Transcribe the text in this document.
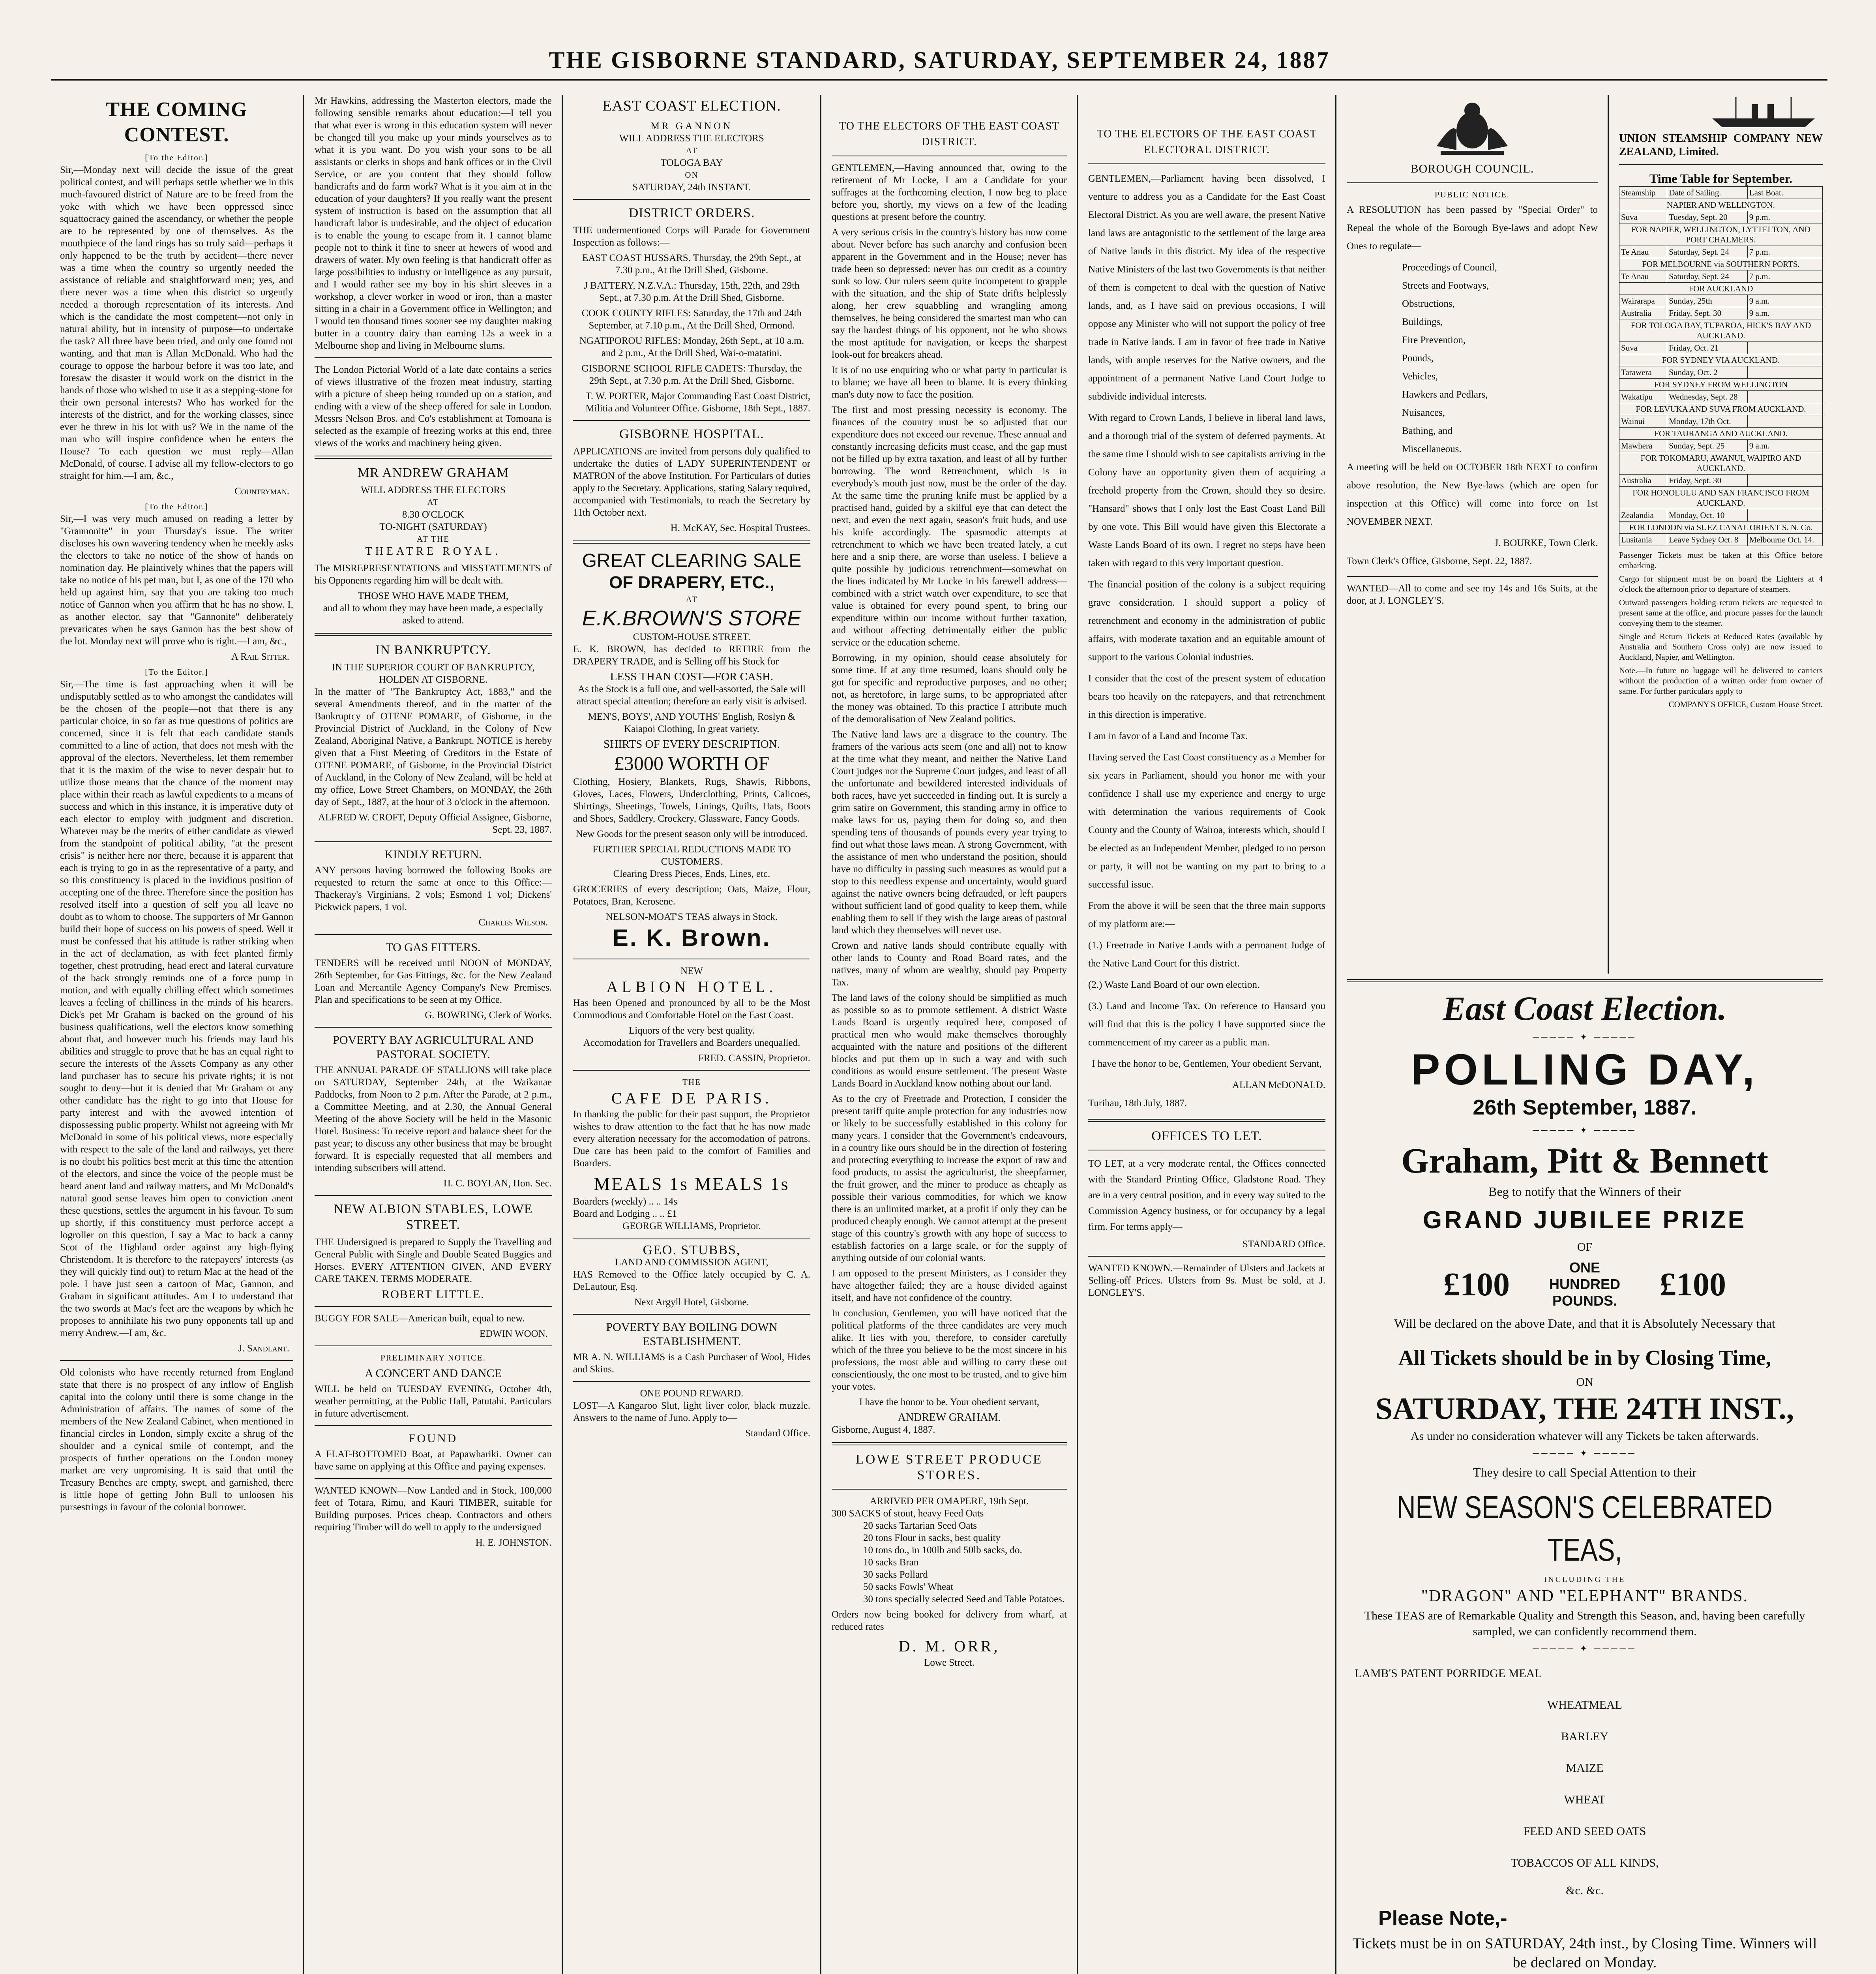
THE GISBORNE STANDARD, SATURDAY, SEPTEMBER 24, 1887
THE COMING CONTEST.
[To the Editor.]

Sir,—Monday next will decide the issue of the great political contest, and will perhaps settle whether we in this much-favoured district of Nature are to be freed from the yoke with which we have been oppressed since squattocracy gained the ascendancy, or whether the people are to be represented by one of themselves. As the mouthpiece of the land rings has so truly said—perhaps it only happened to be the truth by accident—there never was a time when the country so urgently needed the assistance of reliable and straightforward men; yes, and there never was a time when this district so urgently needed a thorough representation of its interests. And which is the candidate the most competent—not only in natural ability, but in intensity of purpose—to undertake the task? All three have been tried, and only one found not wanting, and that man is Allan McDonald. Who had the courage to oppose the harbour before it was too late, and foresaw the disaster it would work on the district in the hands of those who wished to use it as a stepping-stone for their own personal interests? Who has worked for the interests of the district, and for the working classes, since ever he threw in his lot with us? We in the name of the man who will inspire confidence when he enters the House? To each question we must reply—Allan McDonald, of course. I advise all my fellow-electors to go straight for him.—I am, &c.,

Countryman.

[To the Editor.]

Sir,—I was very much amused on reading a letter by "Grannonite" in your Thursday's issue. The writer discloses his own wavering tendency when he meekly asks the electors to take no notice of the show of hands on nomination day. He plaintively whines that the papers will take no notice of his pet man, but I, as one of the 170 who held up against him, say that you are taking too much notice of Gannon when you affirm that he has no show. I, as another elector, say that "Gannonite" deliberately prevaricates when he says Gannon has the best show of the lot. Monday next will prove who is right.—I am, &c.,

A Rail Sitter.

[To the Editor.]

Sir,—The time is fast approaching when it will be undisputably settled as to who amongst the candidates will be the chosen of the people—not that there is any particular choice, in so far as true questions of politics are concerned, since it is felt that each candidate stands committed to a line of action, that does not mesh with the approval of the electors. Nevertheless, let them remember that it is the maxim of the wise to never despair but to utilize those means that the chance of the moment may place within their reach as lawful expedients to a means of success and which in this instance, it is imperative duty of each elector to employ with judgment and discretion. Whatever may be the merits of either candidate as viewed from the standpoint of political ability, "at the present crisis" is neither here nor there, because it is apparent that each is trying to go in as the representative of a party, and so this constituency is placed in the invidious position of accepting one of the three. Therefore since the position has resolved itself into a question of self you all leave no doubt as to whom to choose. The supporters of Mr Gannon build their hope of success on his powers of speed. Well it must be confessed that his attitude is rather striking when in the act of declamation, as with feet planted firmly together, chest protruding, head erect and lateral curvature of the back strongly reminds one of a force pump in motion, and with equally chilling effect which sometimes leaves a feeling of chilliness in the minds of his hearers. Dick's pet Mr Graham is backed on the ground of his business qualifications, well the electors know something about that, and however much his friends may laud his abilities and struggle to prove that he has an equal right to secure the interests of the Assets Company as any other land purchaser has to secure his private rights; it is not sought to deny—but it is denied that Mr Graham or any other candidate has the right to go into that House for party interest and with the avowed intention of dispossessing public property. Whilst not agreeing with Mr McDonald in some of his political views, more especially with respect to the sale of the land and railways, yet there is no doubt his politics best merit at this time the attention of the electors, and since the voice of the people must be heard anent land and railway matters, and Mr McDonald's natural good sense leaves him open to conviction anent these questions, settles the argument in his favour. To sum up shortly, if this constituency must perforce accept a logroller on this question, I say a Mac to back a canny Scot of the Highland order against any high-flying Christendom. It is therefore to the ratepayers' interests (as they will quickly find out) to return Mac at the head of the pole. I have just seen a cartoon of Mac, Gannon, and Graham in significant attitudes. Am I to understand that the two swords at Mac's feet are the weapons by which he proposes to annihilate his two puny opponents tall up and merry Andrew.—I am, &c.

J. Sandlant.

Old colonists who have recently returned from England state that there is no prospect of any inflow of English capital into the colony until there is some change in the Administration of affairs. The names of some of the members of the New Zealand Cabinet, when mentioned in financial circles in London, simply excite a shrug of the shoulder and a cynical smile of contempt, and the prospects of further operations on the London money market are very unpromising. It is said that until the Treasury Benches are empty, swept, and garnished, there is little hope of getting John Bull to unloosen his pursestrings in favour of the colonial borrower.

Mr Hawkins, addressing the Masterton electors, made the following sensible remarks about education:—I tell you that what ever is wrong in this education system will never be changed till you make up your minds yourselves as to what it is you want. Do you wish your sons to be all assistants or clerks in shops and bank offices or in the Civil Service, or are you content that they should follow handicrafts and do farm work? What is it you aim at in the education of your daughters? If you really want the present system of instruction is based on the assumption that all handicraft labor is undesirable, and the object of education is to enable the young to escape from it. I cannot blame people not to think it fine to sneer at hewers of wood and drawers of water. My own feeling is that handicraft offer as large possibilities to industry or intelligence as any pursuit, and I would rather see my boy in his shirt sleeves in a workshop, a clever worker in wood or iron, than a master sitting in a chair in a Government office in Wellington; and I would ten thousand times sooner see my daughter making butter in a country dairy than earning 12s a week in a Melbourne shop and living in Melbourne slums.

The London Pictorial World of a late date contains a series of views illustrative of the frozen meat industry, starting with a picture of sheep being rounded up on a station, and ending with a view of the sheep offered for sale in London. Messrs Nelson Bros. and Co's establishment at Tomoana is selected as the example of freezing works at this end, three views of the works and machinery being given.

MR ANDREW GRAHAM
WILL ADDRESS THE ELECTORS
AT
8.30 O'CLOCK
TO-NIGHT (SATURDAY)
AT THE
THEATRE ROYAL.

The MISREPRESENTATIONS and MISSTATEMENTS of his Opponents regarding him will be dealt with.

THOSE WHO HAVE MADE THEM,

and all to whom they may have been made, a especially asked to attend.

IN BANKRUPTCY.
IN THE SUPERIOR COURT OF BANKRUPTCY, HOLDEN AT GISBORNE.

In the matter of "The Bankruptcy Act, 1883," and the several Amendments thereof, and in the matter of the Bankruptcy of OTENE POMARE, of Gisborne, in the Provincial District of Auckland, in the Colony of New Zealand, Aboriginal Native, a Bankrupt. NOTICE is hereby given that a First Meeting of Creditors in the Estate of OTENE POMARE, of Gisborne, in the Provincial District of Auckland, in the Colony of New Zealand, will be held at my office, Lowe Street Chambers, on MONDAY, the 26th day of Sept., 1887, at the hour of 3 o'clock in the afternoon.

ALFRED W. CROFT, Deputy Official Assignee, Gisborne, Sept. 23, 1887.

KINDLY RETURN.

ANY persons having borrowed the following Books are requested to return the same at once to this Office:— Thackeray's Virginians, 2 vols; Esmond 1 vol; Dickens' Pickwick papers, 1 vol.

Charles Wilson.

TO GAS FITTERS.

TENDERS will be received until NOON of MONDAY, 26th September, for Gas Fittings, &c. for the New Zealand Loan and Mercantile Agency Company's New Premises. Plan and specifications to be seen at my Office.

G. BOWRING, Clerk of Works.

POVERTY BAY AGRICULTURAL AND PASTORAL SOCIETY.

THE ANNUAL PARADE OF STALLIONS will take place on SATURDAY, September 24th, at the Waikanae Paddocks, from Noon to 2 p.m. After the Parade, at 2 p.m., a Committee Meeting, and at 2.30, the Annual General Meeting of the above Society will be held in the Masonic Hotel. Business: To receive report and balance sheet for the past year; to discuss any other business that may be brought forward. It is especially requested that all members and intending subscribers will attend.

H. C. BOYLAN, Hon. Sec.

NEW ALBION STABLES, LOWE STREET.

THE Undersigned is prepared to Supply the Travelling and General Public with Single and Double Seated Buggies and Horses. EVERY ATTENTION GIVEN, AND EVERY CARE TAKEN. TERMS MODERATE.

ROBERT LITTLE.

BUGGY FOR SALE—American built, equal to new.

EDWIN WOON.

PRELIMINARY NOTICE.
A CONCERT AND DANCE

WILL be held on TUESDAY EVENING, October 4th, weather permitting, at the Public Hall, Patutahi. Particulars in future advertisement.

FOUND

A FLAT-BOTTOMED Boat, at Papawhariki. Owner can have same on applying at this Office and paying expenses.

WANTED KNOWN—Now Landed and in Stock, 100,000 feet of Totara, Rimu, and Kauri TIMBER, suitable for Building purposes. Prices cheap. Contractors and others requiring Timber will do well to apply to the undersigned

H. E. JOHNSTON.

EAST COAST ELECTION.
MR GANNON
WILL ADDRESS THE ELECTORS
AT
TOLOGA BAY
ON
SATURDAY, 24th INSTANT.
DISTRICT ORDERS.

THE undermentioned Corps will Parade for Government Inspection as follows:—

EAST COAST HUSSARS. Thursday, the 29th Sept., at 7.30 p.m., At the Drill Shed, Gisborne.

J BATTERY, N.Z.V.A.: Thursday, 15th, 22th, and 29th Sept., at 7.30 p.m. At the Drill Shed, Gisborne.

COOK COUNTY RIFLES: Saturday, the 17th and 24th September, at 7.10 p.m., At the Drill Shed, Ormond.

NGATIPOROU RIFLES: Monday, 26th Sept., at 10 a.m. and 2 p.m., At the Drill Shed, Wai-o-matatini.

GISBORNE SCHOOL RIFLE CADETS: Thursday, the 29th Sept., at 7.30 p.m. At the Drill Shed, Gisborne.

T. W. PORTER, Major Commanding East Coast District, Militia and Volunteer Office. Gisborne, 18th Sept., 1887.

GISBORNE HOSPITAL.

APPLICATIONS are invited from persons duly qualified to undertake the duties of LADY SUPERINTENDENT or MATRON of the above Institution. For Particulars of duties apply to the Secretary. Applications, stating Salary required, accompanied with Testimonials, to reach the Secretary by 11th October next.

H. McKAY, Sec. Hospital Trustees.

GREAT CLEARING SALE
OF DRAPERY, ETC.,
AT
E.K.BROWN'S STORE
CUSTOM-HOUSE STREET.

E. K. BROWN, has decided to RETIRE from the DRAPERY TRADE, and is Selling off his Stock for

LESS THAN COST—FOR CASH.

As the Stock is a full one, and well-assorted, the Sale will attract special attention; therefore an early visit is advised.

MEN'S, BOYS', AND YOUTHS' English, Roslyn & Kaiapoi Clothing, In great variety.

SHIRTS OF EVERY DESCRIPTION.
£3000 WORTH OF

Clothing, Hosiery, Blankets, Rugs, Shawls, Ribbons, Gloves, Laces, Flowers, Underclothing, Prints, Calicoes, Shirtings, Sheetings, Towels, Linings, Quilts, Hats, Boots and Shoes, Saddlery, Crockery, Glassware, Fancy Goods.

New Goods for the present season only will be introduced.

FURTHER SPECIAL REDUCTIONS MADE TO CUSTOMERS.

Clearing Dress Pieces, Ends, Lines, etc.

GROCERIES of every description; Oats, Maize, Flour, Potatoes, Bran, Kerosene.

NELSON-MOAT'S TEAS always in Stock.
E. K. Brown.
NEW
ALBION HOTEL.

Has been Opened and pronounced by all to be the Most Commodious and Comfortable Hotel on the East Coast.

Liquors of the very best quality.

Accomodation for Travellers and Boarders unequalled.

FRED. CASSIN, Proprietor.

THE
CAFE DE PARIS.

In thanking the public for their past support, the Proprietor wishes to draw attention to the fact that he has now made every alteration necessary for the accomodation of patrons. Due care has been paid to the comfort of Families and Boarders.

MEALS 1s MEALS 1s
Boarders (weekly) .. .. 14s
Board and Lodging .. .. £1

GEORGE WILLIAMS, Proprietor.

GEO. STUBBS,
LAND AND COMMISSION AGENT,

HAS Removed to the Office lately occupied by C. A. DeLautour, Esq.

Next Argyll Hotel, Gisborne.

POVERTY BAY BOILING DOWN ESTABLISHMENT.

MR A. N. WILLIAMS is a Cash Purchaser of Wool, Hides and Skins.

ONE POUND REWARD.

LOST—A Kangaroo Slut, light liver color, black muzzle. Answers to the name of Juno. Apply to—

Standard Office.

TO THE ELECTORS OF THE EAST COAST DISTRICT.

GENTLEMEN,—Having announced that, owing to the retirement of Mr Locke, I am a Candidate for your suffrages at the forthcoming election, I now beg to place before you, shortly, my views on a few of the leading questions at present before the country.

A very serious crisis in the country's history has now come about. Never before has such anarchy and confusion been apparent in the Government and in the House; never has trade been so depressed: never has our credit as a country sunk so low. Our rulers seem quite incompetent to grapple with the situation, and the ship of State drifts helplessly along, her crew squabbling and wrangling among themselves, he being considered the smartest man who can say the hardest things of his opponent, not he who shows the most aptitude for navigation, or keeps the sharpest look-out for breakers ahead.

It is of no use enquiring who or what party in particular is to blame; we have all been to blame. It is every thinking man's duty now to face the position.

The first and most pressing necessity is economy. The finances of the country must be so adjusted that our expenditure does not exceed our revenue. These annual and constantly increasing deficits must cease, and the gap must not be filled up by extra taxation, and least of all by further borrowing. The word Retrenchment, which is in everybody's mouth just now, must be the order of the day. At the same time the pruning knife must be applied by a practised hand, guided by a skilful eye that can detect the next, and even the next again, season's fruit buds, and use his knife accordingly. The spasmodic attempts at retrenchment to which we have been treated lately, a cut here and a snip there, are worse than useless. I believe a quite possible by judicious retrenchment—somewhat on the lines indicated by Mr Locke in his farewell address—combined with a strict watch over expenditure, to see that value is obtained for every pound spent, to bring our expenditure within our income without further taxation, and without affecting detrimentally either the public service or the education scheme.

Borrowing, in my opinion, should cease absolutely for some time. If at any time resumed, loans should only be got for specific and reproductive purposes, and no other; not, as heretofore, in large sums, to be appropriated after the money was obtained. To this practice I attribute much of the demoralisation of New Zealand politics.

The Native land laws are a disgrace to the country. The framers of the various acts seem (one and all) not to know at the time what they meant, and neither the Native Land Court judges nor the Supreme Court judges, and least of all the unfortunate and bewildered interested individuals of both races, have yet succeeded in finding out. It is surely a grim satire on Government, this standing army in office to make laws for us, paying them for doing so, and then spending tens of thousands of pounds every year trying to find out what those laws mean. A strong Government, with the assistance of men who understand the position, should have no difficulty in passing such measures as would put a stop to this needless expense and uncertainty, would guard against the native owners being defrauded, or left paupers without sufficient land of good quality to keep them, while enabling them to sell if they wish the large areas of pastoral land which they themselves will never use.

Crown and native lands should contribute equally with other lands to County and Road Board rates, and the natives, many of whom are wealthy, should pay Property Tax.

The land laws of the colony should be simplified as much as possible so as to promote settlement. A district Waste Lands Board is urgently required here, composed of practical men who would make themselves thoroughly acquainted with the nature and positions of the different blocks and put them up in such a way and with such conditions as would ensure settlement. The present Waste Lands Board in Auckland know nothing about our land.

As to the cry of Freetrade and Protection, I consider the present tariff quite ample protection for any industries now or likely to be successfully established in this colony for many years. I consider that the Government's endeavours, in a country like ours should be in the direction of fostering and protecting everything to increase the export of raw and food products, to assist the agriculturist, the sheepfarmer, the fruit grower, and the miner to produce as cheaply as possible their various commodities, for which we know there is an unlimited market, at a profit if only they can be produced cheaply enough. We cannot attempt at the present stage of this country's growth with any hope of success to establish factories on a large scale, or for the supply of anything outside of our colonial wants.

I am opposed to the present Ministers, as I consider they have altogether failed; they are a house divided against itself, and have not confidence of the country.

In conclusion, Gentlemen, you will have noticed that the political platforms of the three candidates are very much alike. It lies with you, therefore, to consider carefully which of the three you believe to be the most sincere in his professions, the most able and willing to carry these out conscientiously, the one most to be trusted, and to give him your votes.

I have the honor to be. Your obedient servant,

ANDREW GRAHAM.

Gisborne, August 4, 1887.

LOWE STREET PRODUCE STORES.
ARRIVED PER OMAPERE, 19th Sept.
300 SACKS of stout, heavy Feed Oats
20 sacks Tartarian Seed Oats
20 tons Flour in sacks, best quality
10 tons do., in 100lb and 50lb sacks, do.
10 sacks Bran
30 sacks Pollard
50 sacks Fowls' Wheat
30 tons specially selected Seed and Table Potatoes.

Orders now being booked for delivery from wharf, at reduced rates

D. M. ORR,
Lowe Street.
TO THE ELECTORS OF THE EAST COAST ELECTORAL DISTRICT.

GENTLEMEN,—Parliament having been dissolved, I venture to address you as a Candidate for the East Coast Electoral District. As you are well aware, the present Native land laws are antagonistic to the settlement of the large area of Native lands in this district. My idea of the respective Native Ministers of the last two Governments is that neither of them is competent to deal with the question of Native lands, and, as I have said on previous occasions, I will oppose any Minister who will not support the policy of free trade in Native lands. I am in favor of free trade in Native lands, with ample reserves for the Native owners, and the appointment of a permanent Native Land Court Judge to subdivide individual interests.

With regard to Crown Lands, I believe in liberal land laws, and a thorough trial of the system of deferred payments. At the same time I should wish to see capitalists arriving in the Colony have an opportunity given them of acquiring a freehold property from the Crown, should they so desire. "Hansard" shows that I only lost the East Coast Land Bill by one vote. This Bill would have given this Electorate a Waste Lands Board of its own. I regret no steps have been taken with regard to this very important question.

The financial position of the colony is a subject requiring grave consideration. I should support a policy of retrenchment and economy in the administration of public affairs, with moderate taxation and an equitable amount of support to the various Colonial industries.

I consider that the cost of the present system of education bears too heavily on the ratepayers, and that retrenchment in this direction is imperative.

I am in favor of a Land and Income Tax.

Having served the East Coast constituency as a Member for six years in Parliament, should you honor me with your confidence I shall use my experience and energy to urge with determination the various requirements of Cook County and the County of Wairoa, interests which, should I be elected as an Independent Member, pledged to no person or party, it will not be wanting on my part to bring to a successful issue.

From the above it will be seen that the three main supports of my platform are:—

(1.) Freetrade in Native Lands with a permanent Judge of the Native Land Court for this district.

(2.) Waste Land Board of our own election.

(3.) Land and Income Tax. On reference to Hansard you will find that this is the policy I have supported since the commencement of my career as a public man.

I have the honor to be, Gentlemen, Your obedient Servant,

ALLAN McDONALD.

Turihau, 18th July, 1887.

OFFICES TO LET.

TO LET, at a very moderate rental, the Offices connected with the Standard Printing Office, Gladstone Road. They are in a very central position, and in every way suited to the Commission Agency business, or for occupancy by a legal firm. For terms apply—

STANDARD Office.

WANTED KNOWN.—Remainder of Ulsters and Jackets at Selling-off Prices. Ulsters from 9s. Must be sold, at J. LONGLEY'S.

BOROUGH COUNCIL.
PUBLIC NOTICE.

A RESOLUTION has been passed by "Special Order" to Repeal the whole of the Borough Bye-laws and adopt New Ones to regulate—

Proceedings of Council,
Streets and Footways,
Obstructions,
Buildings,
Fire Prevention,
Pounds,
Vehicles,
Hawkers and Pedlars,
Nuisances,
Bathing, and
Miscellaneous.

A meeting will be held on OCTOBER 18th NEXT to confirm above resolution, the New Bye-laws (which are open for inspection at this Office) will come into force on 1st NOVEMBER NEXT.

J. BOURKE, Town Clerk.

Town Clerk's Office, Gisborne, Sept. 22, 1887.

WANTED—All to come and see my 14s and 16s Suits, at the door, at J. LONGLEY'S.

UNION STEAMSHIP COMPANY NEW ZEALAND, Limited.
Time Table for September.
Steamship	Date of Sailing.	Last Boat.
NAPIER AND WELLINGTON.		
Suva	Tuesday, Sept. 20	9 p.m.
FOR NAPIER, WELLINGTON, LYTTELTON, AND PORT CHALMERS.		
Te Anau	Saturday, Sept. 24	7 p.m.
FOR MELBOURNE via SOUTHERN PORTS.		
Te Anau	Saturday, Sept. 24	7 p.m.
FOR AUCKLAND		
Wairarapa	Sunday, 25th	9 a.m.
Australia	Friday, Sept. 30	9 a.m.
FOR TOLOGA BAY, TUPAROA, HICK'S BAY AND AUCKLAND.		
Suva	Friday, Oct. 21	
FOR SYDNEY VIA AUCKLAND.		
Tarawera	Sunday, Oct. 2	
FOR SYDNEY FROM WELLINGTON		
Wakatipu	Wednesday, Sept. 28	
FOR LEVUKA AND SUVA FROM AUCKLAND.		
Wainui	Monday, 17th Oct.	
FOR TAURANGA AND AUCKLAND.		
Mawhera	Sunday, Sept. 25	9 a.m.
FOR TOKOMARU, AWANUI, WAIPIRO AND AUCKLAND.		
Australia	Friday, Sept. 30	
FOR HONOLULU AND SAN FRANCISCO FROM AUCKLAND.		
Zealandia	Monday, Oct. 10	
FOR LONDON via SUEZ CANAL ORIENT S. N. Co.		
Lusitania	Leave Sydney Oct. 8	Melbourne Oct. 14.

Passenger Tickets must be taken at this Office before embarking.

Cargo for shipment must be on board the Lighters at 4 o'clock the afternoon prior to departure of steamers.

Outward passengers holding return tickets are requested to present same at the office, and procure passes for the launch conveying them to the steamer.

Single and Return Tickets at Reduced Rates (available by Australia and Southern Cross only) are now issued to Auckland, Napier, and Wellington.

Note.—In future no luggage will be delivered to carriers without the production of a written order from owner of same. For further particulars apply to

COMPANY'S OFFICE, Custom House Street.
East Coast Election.
───── ✦ ─────
POLLING DAY,
26th September, 1887.
───── ✦ ─────
Graham, Pitt & Bennett
Beg to notify that the Winners of their
GRAND JUBILEE PRIZE
OF
£100	ONE HUNDRED POUNDS.	£100
Will be declared on the above Date, and that it is Absolutely Necessary that
All Tickets should be in by Closing Time,
ON
SATURDAY, THE 24TH INST.,
As under no consideration whatever will any Tickets be taken afterwards.
───── ✦ ─────
They desire to call Special Attention to their
NEW SEASON'S CELEBRATED TEAS,
INCLUDING THE
"DRAGON" AND "ELEPHANT" BRANDS.
These TEAS are of Remarkable Quality and Strength this Season, and, having been carefully sampled, we can confidently recommend them.
───── ✦ ─────
LAMB'S PATENT PORRIDGE MEAL
WHEATMEAL
BARLEY
MAIZE
WHEAT
FEED AND SEED OATS
TOBACCOS OF ALL KINDS,
&c. &c.
Please Note,-
Tickets must be in on SATURDAY, 24th inst., by Closing Time. Winners will be declared on Monday.
